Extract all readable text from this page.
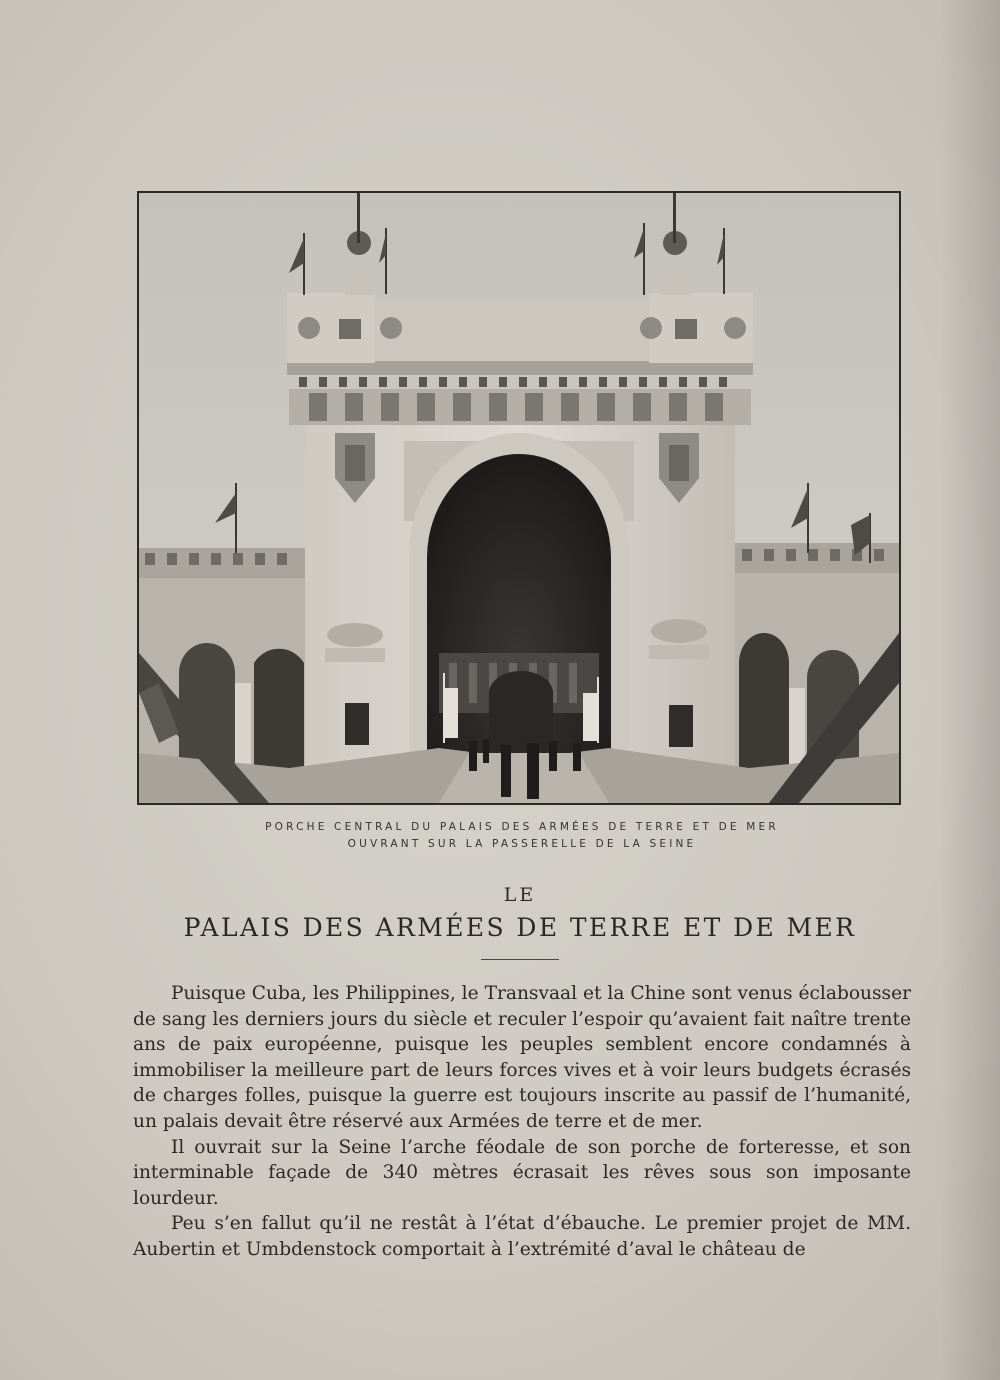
PORCHE CENTRAL DU PALAIS DES ARMÉES DE TERRE ET DE MER
OUVRANT SUR LA PASSERELLE DE LA SEINE
LE
PALAIS DES ARMÉES DE TERRE ET DE MER

Puisque Cuba, les Philippines, le Transvaal et la Chine sont venus éclabousser de sang les derniers jours du siècle et reculer l’espoir qu’avaient fait naître trente ans de paix européenne, puisque les peuples semblent encore condamnés à immobiliser la meilleure part de leurs forces vives et à voir leurs budgets écrasés de charges folles, puisque la guerre est toujours inscrite au passif de l’humanité, un palais devait être réservé aux Armées de terre et de mer.

Il ouvrait sur la Seine l’arche féodale de son porche de forteresse, et son interminable façade de 340 mètres écrasait les rêves sous son imposante lourdeur.

Peu s’en fallut qu’il ne restât à l’état d’ébauche. Le premier projet de MM. Aubertin et Umbdenstock comportait à l’extrémité d’aval le château de
